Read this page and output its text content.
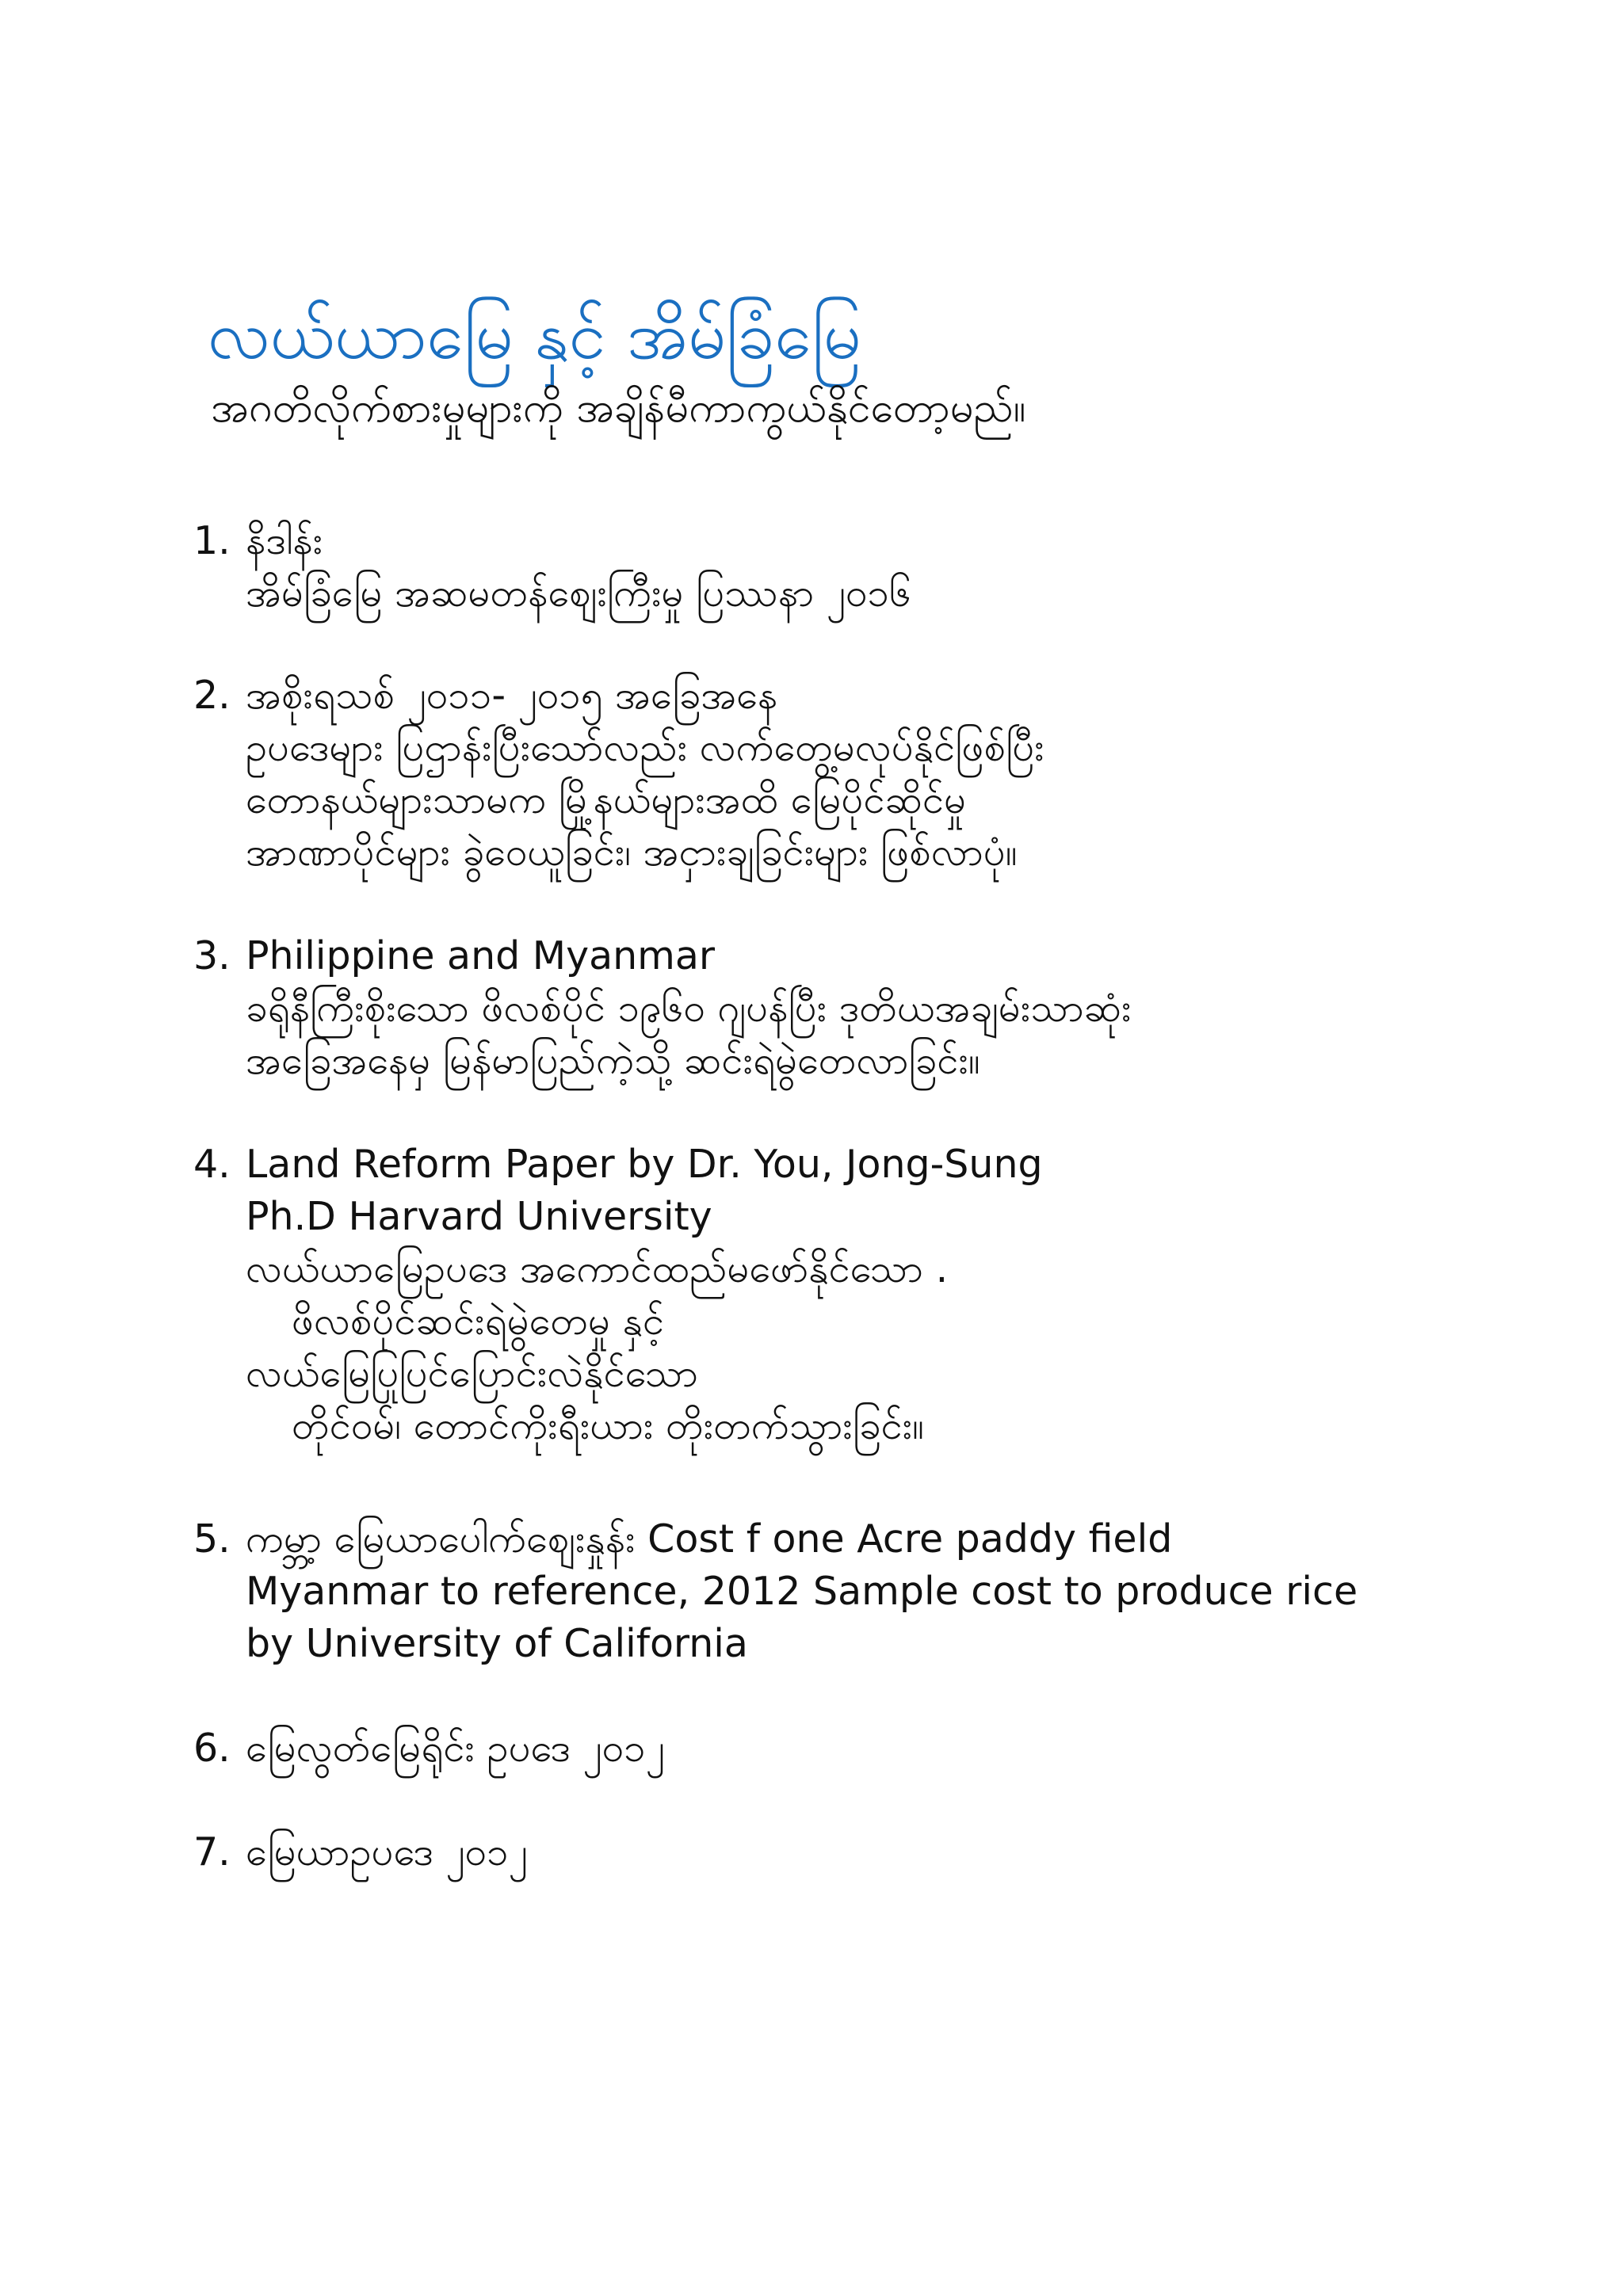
လယ်ယာမြေ နှင့် အိမ်ခြံမြေ
အဂတိလိုက်စားမှုများကို အချိန်မီကာကွယ်နိုင်တော့မည်။
1. နိဒါန်း
အိမ်ခြံမြေ အဆမတန်စျေးကြီးမှု ပြဿနာ ၂၀၁၆
2. အစိုးရသစ် ၂၀၁၁- ၂၀၁၅ အခြေအနေ
ဥပဒေများ ပြဌာန်းပြီးသော်လည်း လက်တွေ့မလုပ်နိုင်ဖြစ်ပြီး
တောနယ်များသာမက မြို့နယ်များအထိ မြေပိုင်ဆိုင်မှု
အာဏာပိုင်များ ခွဲဝေယူခြင်း၊ အငှားချခြင်းများ ဖြစ်လာပုံ။
3. Philippine and Myanmar
ခရိုနီကြီးစိုးသော ဖိလစ်ပိုင် ၁၉၆၀ ဂျပန်ပြီး ဒုတိယအချမ်းသာဆုံး
အခြေအနေမှ မြန်မာပြည်ကဲ့သို့ ဆင်းရဲမွဲတေလာခြင်း။
4. Land Reform Paper by Dr. You, Jong-Sung
Ph.D Harvard University
လယ်ယာမြေဥပဒေ အကောင်ထည်မဖော်နိုင်သော .
ဖိလစ်ပိုင်ဆင်းရဲမွဲတေမှု နှင့်
လယ်မြေပြုပြင်ပြောင်းလဲနိုင်သော
တိုင်ဝမ်၊ တောင်ကိုးရီးယား တိုးတက်သွားခြင်း။
5. ကမ္ဘာ့ မြေယာပေါက်စျေးနှုန်း Cost f one Acre paddy field
Myanmar to reference, 2012 Sample cost to produce rice
by University of California
6. မြေလွတ်မြေရိုင်း ဥပဒေ ၂၀၁၂
7. မြေယာဥပဒေ ၂၀၁၂
